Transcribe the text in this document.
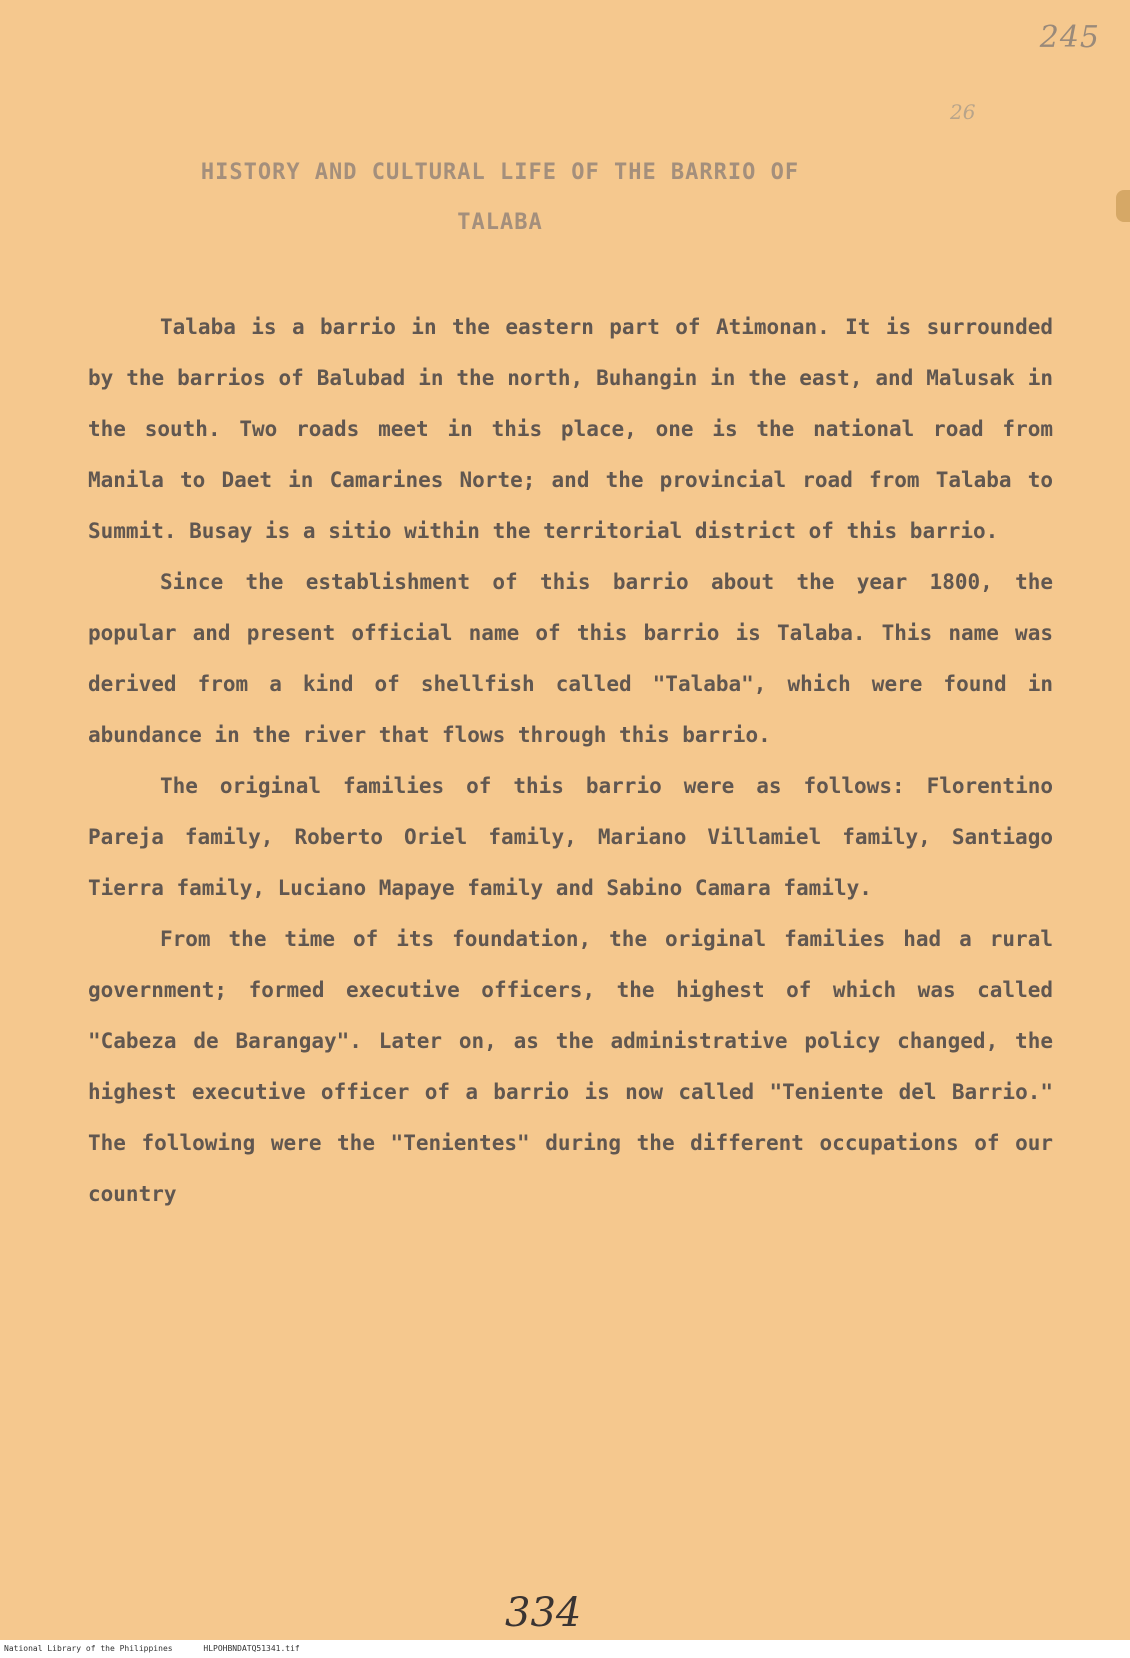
245
26
HISTORY AND CULTURAL LIFE OF THE BARRIO OF
TALABA

Talaba is a barrio in the eastern part of Atimonan. It is surrounded by the barrios of Balubad in the north, Buhangin in the east, and Malusak in the south. Two roads meet in this place, one is the national road from Manila to Daet in Camarines Norte; and the provincial road from Talaba to Summit. Busay is a sitio within the territorial district of this barrio.

Since the establishment of this barrio about the year 1800, the popular and present official name of this barrio is Talaba. This name was derived from a kind of shellfish called "Talaba", which were found in abundance in the river that flows through this barrio.

The original families of this barrio were as follows: Florentino Pareja family, Roberto Oriel family, Mariano Villamiel family, Santiago Tierra family, Luciano Mapaye family and Sabino Camara family.

From the time of its foundation, the original families had a rural government; formed executive officers, the highest of which was called "Cabeza de Barangay". Later on, as the administrative policy changed, the highest executive officer of a barrio is now called "Teniente del Barrio." The following were the "Tenientes" during the different occupations of our country

334
National Library of the Philippines	HLPOHBNDATQ51341.tif
